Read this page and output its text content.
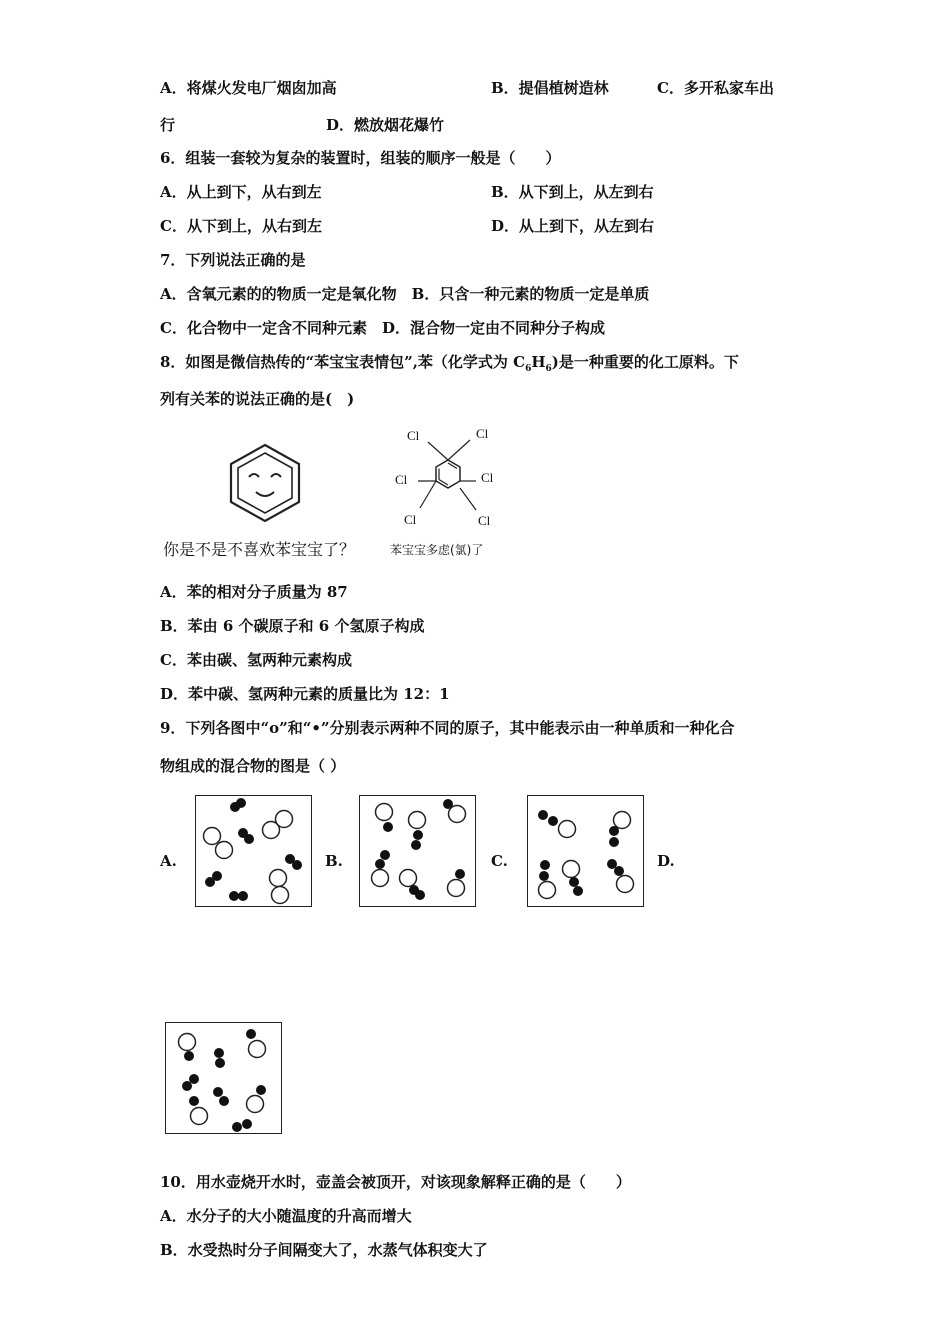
A．将煤火发电厂烟囱加高	B．提倡植树造林	C．多开私家车出
行	D．燃放烟花爆竹
6．组装一套较为复杂的装置时，组装的顺序一般是（　　）
A．从上到下，从右到左	B．从下到上，从左到右
C．从下到上，从右到左	D．从上到下，从左到右
7．下列说法正确的是
A．含氧元素的的物质一定是氧化物　B．只含一种元素的物质一定是单质
C．化合物中一定含不同种元素　D．混合物一定由不同种分子构成
8．如图是微信热传的“苯宝宝表情包”,苯（化学式为 $C_6H_6$)是一种重要的化工原料。下
列有关苯的说法正确的是(　)
你是不是不喜欢苯宝宝了？
Cl	Cl
Cl	Cl
Cl	Cl
苯宝宝多虑(氯)了
A．苯的相对分子质量为 87
B．苯由 6 个碳原子和 6 个氢原子构成
C．苯由碳、氢两种元素构成
D．苯中碳、氢两种元素的质量比为 12：1
9．下列各图中“o”和“•”分别表示两种不同的原子，其中能表示由一种单质和一种化合
物组成的混合物的图是（ ）
A.	B.	C.	D.
10．用水壶烧开水时，壶盖会被顶开，对该现象解释正确的是（　　）
A．水分子的大小随温度的升高而增大
B．水受热时分子间隔变大了，水蒸气体积变大了
